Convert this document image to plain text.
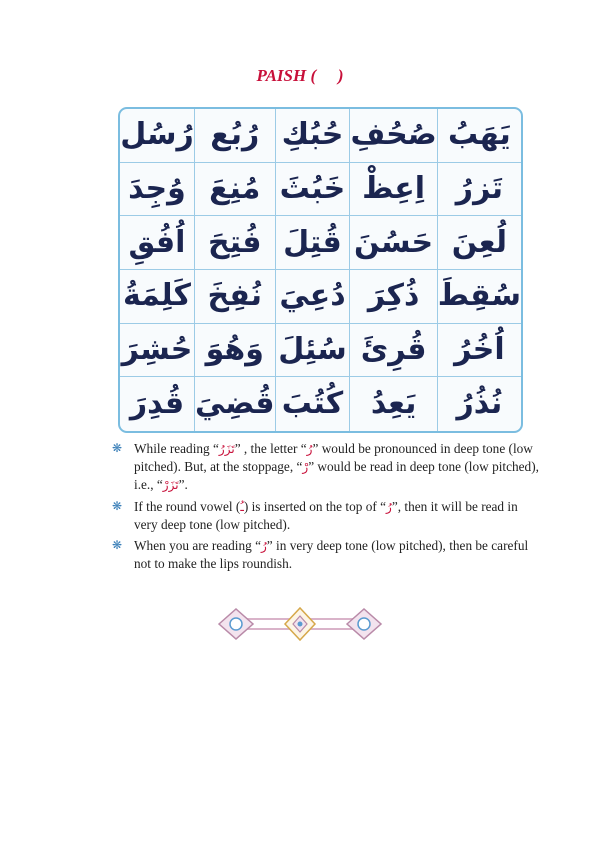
PAISH ( ُ )
رُسُل رُبُع حُبُكِ صُحُفِ يَهَبُ
وُجِدَ مُنِعَ خَبُثَ اِعِظْ	تَزرُ
اُفُقِ فُتِحَ قُتِلَ حَسُنَ لُعِنَ
كَلِمَةُ نُفِخَ دُعِيَ ذُكِرَ سُقِطَ
حُشِرَ وَهُوَ سُئِلَ قُرِئَ اُخُرُ
قُدِرَ قُضِيَ كُتُبَ يَعِدُ	نُذُرُ
❋ While reading “تَزَرُ” , the letter “رُ” would be pronounced in deep tone (low pitched). But, at the stoppage, “رْ” would be read in deep tone (low pitched), i.e., “تَزَرْ”.
❋ If the round vowel (ـُ) is inserted on the top of “رُ”, then it will be read in very deep tone (low pitched).
❋ When you are reading “رُ” in very deep tone (low pitched), then be careful not to make the lips roundish.
